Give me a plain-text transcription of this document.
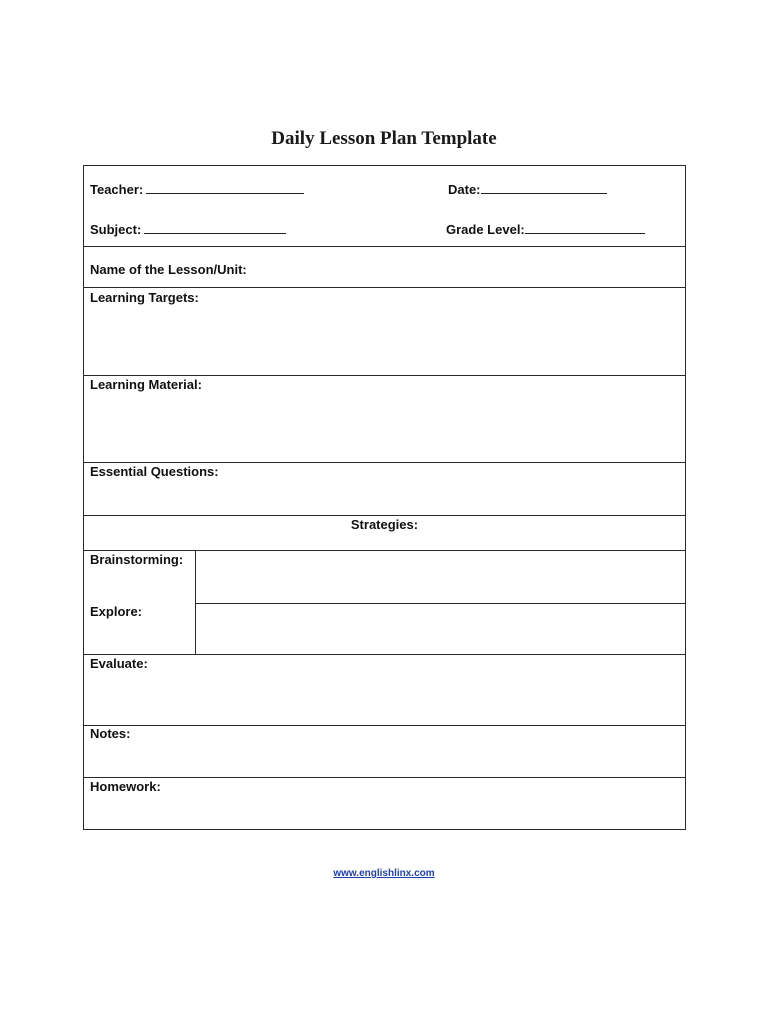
Daily Lesson Plan Template
Teacher:	Date:
Subject:	Grade Level:
Name of the Lesson/Unit:
Learning Targets:
Learning Material:
Essential Questions:
Strategies:
Brainstorming:
Explore:
Evaluate:
Notes:
Homework:
www.englishlinx.com
